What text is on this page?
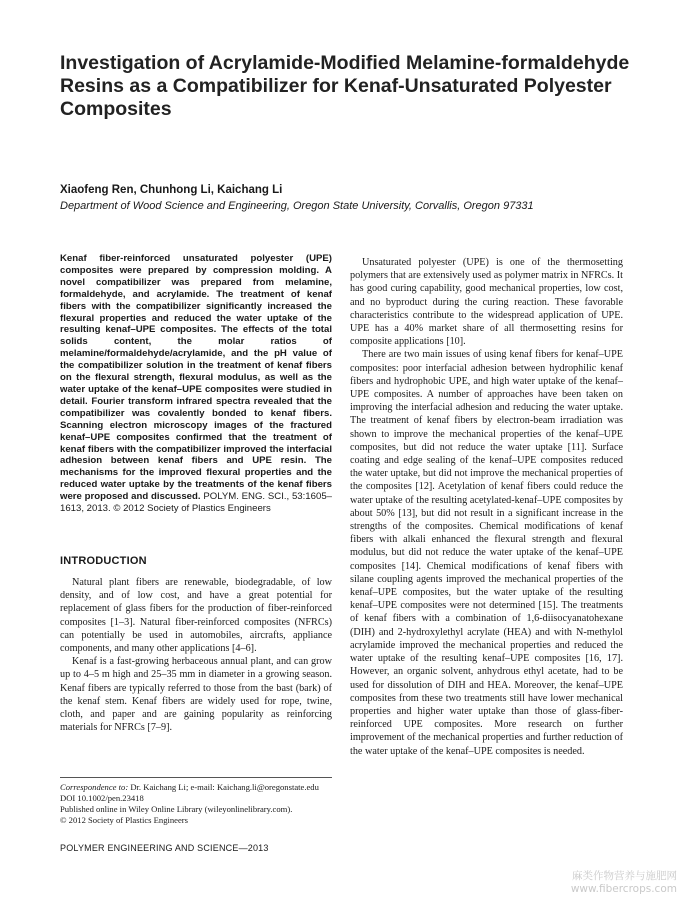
Investigation of Acrylamide-Modified Melamine-formaldehyde Resins as a Compatibilizer for Kenaf-Unsaturated Polyester Composites
Xiaofeng Ren, Chunhong Li, Kaichang Li
Department of Wood Science and Engineering, Oregon State University, Corvallis, Oregon 97331

Kenaf fiber-reinforced unsaturated polyester (UPE) composites were prepared by compression molding. A novel compatibilizer was prepared from melamine, formaldehyde, and acrylamide. The treatment of kenaf fibers with the compatibilizer significantly increased the flexural properties and reduced the water uptake of the resulting kenaf–UPE composites. The effects of the total solids content, the molar ratios of melamine/formaldehyde/acrylamide, and the pH value of the compatibilizer solution in the treatment of kenaf fibers on the flexural strength, flexural modulus, as well as the water uptake of the kenaf–UPE composites were studied in detail. Fourier transform infrared spectra revealed that the compatibilizer was covalently bonded to kenaf fibers. Scanning electron microscopy images of the fractured kenaf–UPE composites confirmed that the treatment of kenaf fibers with the compatibilizer improved the interfacial adhesion between kenaf fibers and UPE resin. The mechanisms for the improved flexural properties and the reduced water uptake by the treatments of the kenaf fibers were proposed and discussed. POLYM. ENG. SCI., 53:1605–1613, 2013. © 2012 Society of Plastics Engineers

INTRODUCTION

Natural plant fibers are renewable, biodegradable, of low density, and of low cost, and have a great potential for replacement of glass fibers for the production of fiber-reinforced composites [1–3]. Natural fiber-reinforced composites (NFRCs) can potentially be used in automobiles, aircrafts, appliance components, and many other applications [4–6].

Kenaf is a fast-growing herbaceous annual plant, and can grow up to 4–5 m high and 25–35 mm in diameter in a growing season. Kenaf fibers are typically referred to those from the bast (bark) of the kenaf stem. Kenaf fibers are widely used for rope, twine, cloth, and paper and are gaining popularity as reinforcing materials for NFRCs [7–9].

Unsaturated polyester (UPE) is one of the thermosetting polymers that are extensively used as polymer matrix in NFRCs. It has good curing capability, good mechanical properties, low cost, and no byproduct during the curing reaction. These favorable characteristics contribute to the widespread application of UPE. UPE has a 40% market share of all thermosetting resins for composite applications [10].

There are two main issues of using kenaf fibers for kenaf–UPE composites: poor interfacial adhesion between hydrophilic kenaf fibers and hydrophobic UPE, and high water uptake of the kenaf–UPE composites. A number of approaches have been taken on improving the interfacial adhesion and reducing the water uptake. The treatment of kenaf fibers by electron-beam irradiation was shown to improve the mechanical properties of the kenaf–UPE composites, but did not reduce the water uptake [11]. Surface coating and edge sealing of the kenaf–UPE composites reduced the water uptake, but did not improve the mechanical properties of the composites [12]. Acetylation of kenaf fibers could reduce the water uptake of the resulting acetylated-kenaf–UPE composites by about 50% [13], but did not result in a significant increase in the strengths of the composites. Chemical modifications of kenaf fibers with alkali enhanced the flexural strength and flexural modulus, but did not reduce the water uptake of the kenaf–UPE composites [14]. Chemical modifications of kenaf fibers with silane coupling agents improved the mechanical properties of the kenaf–UPE composites, but the water uptake of the resulting kenaf–UPE composites were not determined [15]. The treatments of kenaf fibers with a combination of 1,6-diisocyanatohexane (DIH) and 2-hydroxylethyl acrylate (HEA) and with N-methylol acrylamide improved the mechanical properties and reduced the water uptake of the resulting kenaf–UPE composites [16, 17]. However, an organic solvent, anhydrous ethyl acetate, had to be used for dissolution of DIH and HEA. Moreover, the kenaf–UPE composites from these two treatments still have lower mechanical properties and higher water uptake than those of glass-fiber-reinforced UPE composites. More research on further improvement of the mechanical properties and further reduction of the water uptake of the kenaf–UPE composites is needed.

Correspondence to: Dr. Kaichang Li; e-mail: Kaichang.li@oregonstate.edu
DOI 10.1002/pen.23418
Published online in Wiley Online Library (wileyonlinelibrary.com).
© 2012 Society of Plastics Engineers
POLYMER ENGINEERING AND SCIENCE—2013
麻类作物营养与施肥网
www.fibercrops.com
